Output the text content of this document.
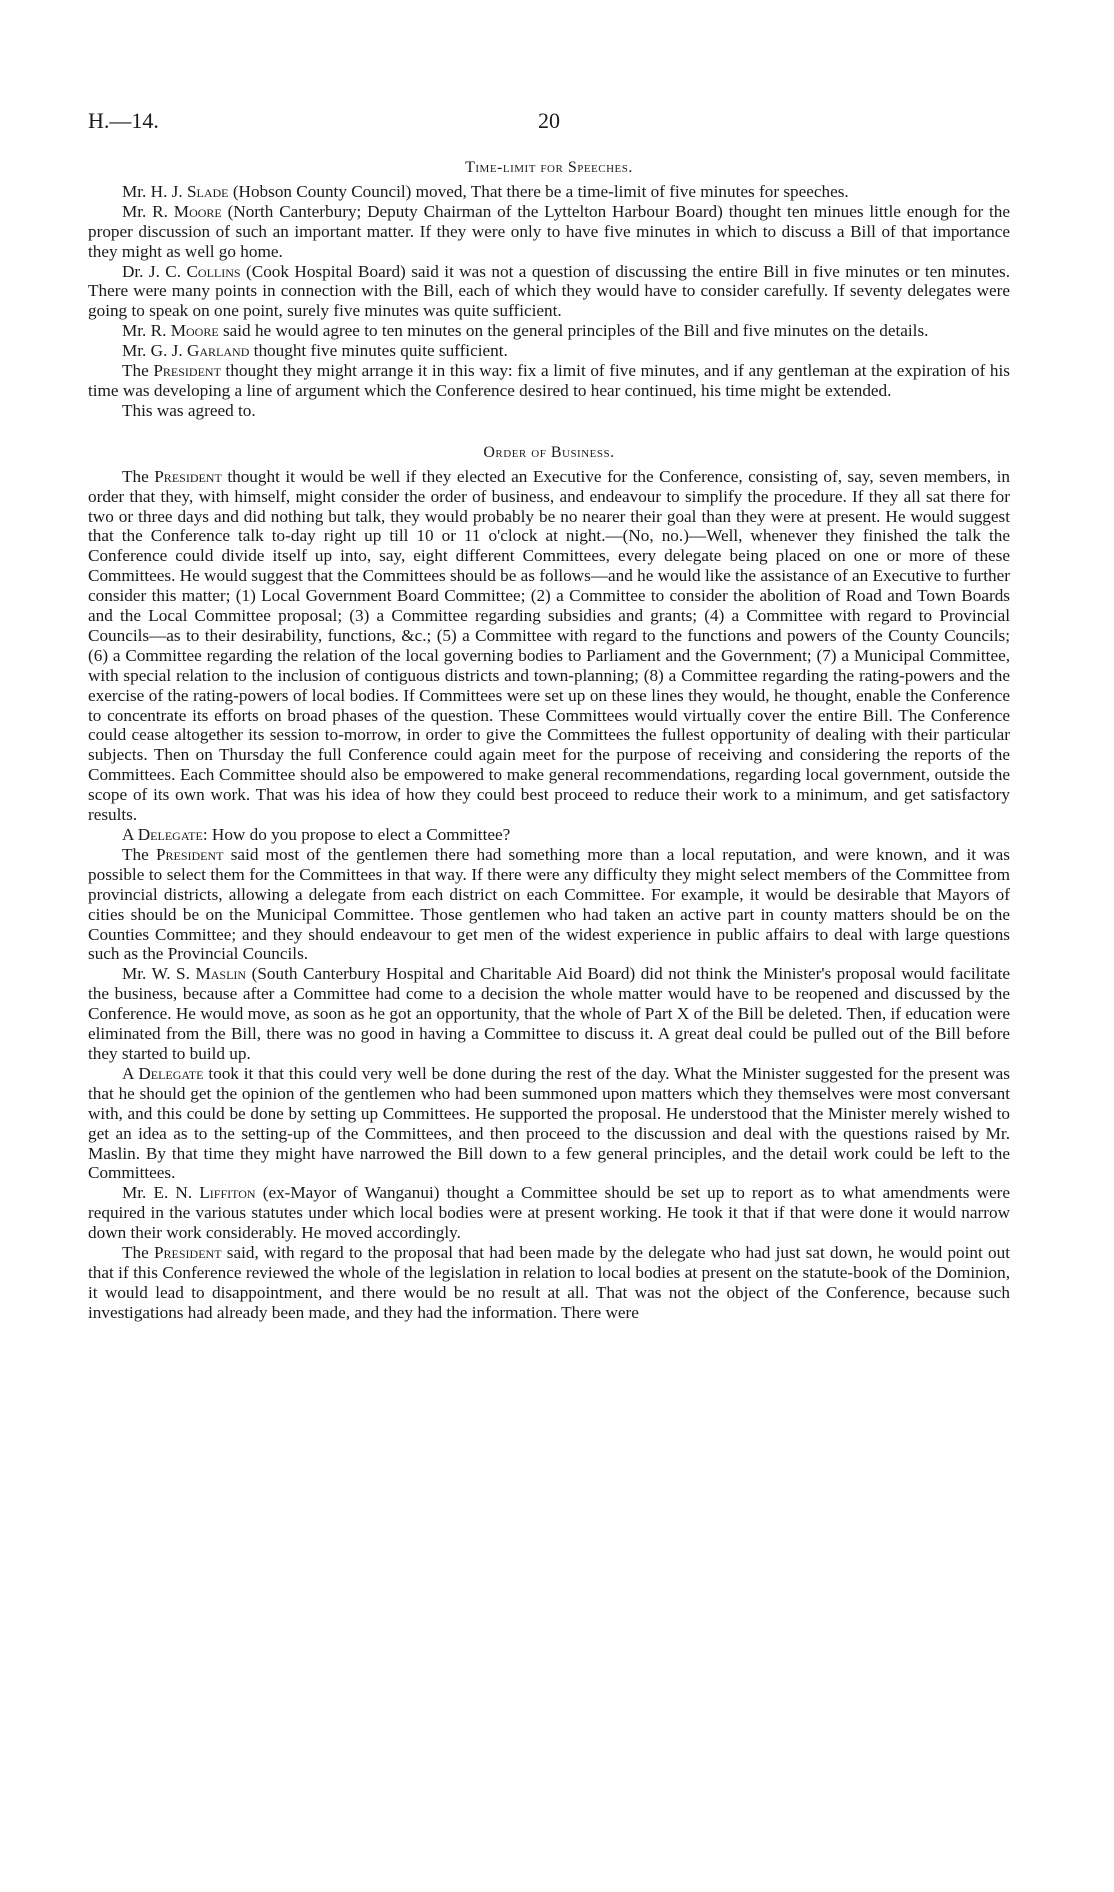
H.—14.	20
Time-limit for Speeches.

Mr. H. J. Slade (Hobson County Council) moved, That there be a time-limit of five minutes for speeches.

Mr. R. Moore (North Canterbury; Deputy Chairman of the Lyttelton Harbour Board) thought ten minues little enough for the proper discussion of such an important matter. If they were only to have five minutes in which to discuss a Bill of that importance they might as well go home.

Dr. J. C. Collins (Cook Hospital Board) said it was not a question of discussing the entire Bill in five minutes or ten minutes. There were many points in connection with the Bill, each of which they would have to consider carefully. If seventy delegates were going to speak on one point, surely five minutes was quite sufficient.

Mr. R. Moore said he would agree to ten minutes on the general principles of the Bill and five minutes on the details.

Mr. G. J. Garland thought five minutes quite sufficient.

The President thought they might arrange it in this way: fix a limit of five minutes, and if any gentleman at the expiration of his time was developing a line of argument which the Conference desired to hear continued, his time might be extended.

This was agreed to.

Order of Business.

The President thought it would be well if they elected an Executive for the Conference, consisting of, say, seven members, in order that they, with himself, might consider the order of business, and endeavour to simplify the procedure. If they all sat there for two or three days and did nothing but talk, they would probably be no nearer their goal than they were at present. He would suggest that the Conference talk to-day right up till 10 or 11 o'clock at night.—(No, no.)—Well, whenever they finished the talk the Conference could divide itself up into, say, eight different Committees, every delegate being placed on one or more of these Committees. He would suggest that the Committees should be as follows—and he would like the assistance of an Executive to further consider this matter; (1) Local Government Board Committee; (2) a Committee to consider the abolition of Road and Town Boards and the Local Committee proposal; (3) a Committee regarding subsidies and grants; (4) a Committee with regard to Provincial Councils—as to their desirability, functions, &c.; (5) a Committee with regard to the functions and powers of the County Councils; (6) a Committee regarding the relation of the local governing bodies to Parliament and the Government; (7) a Municipal Committee, with special relation to the inclusion of contiguous districts and town-planning; (8) a Committee regarding the rating-powers and the exercise of the rating-powers of local bodies. If Committees were set up on these lines they would, he thought, enable the Conference to concentrate its efforts on broad phases of the question. These Committees would virtually cover the entire Bill. The Conference could cease altogether its session to-morrow, in order to give the Committees the fullest opportunity of dealing with their particular subjects. Then on Thursday the full Conference could again meet for the purpose of receiving and considering the reports of the Committees. Each Committee should also be empowered to make general recommendations, regarding local government, outside the scope of its own work. That was his idea of how they could best proceed to reduce their work to a minimum, and get satisfactory results.

A Delegate: How do you propose to elect a Committee?

The President said most of the gentlemen there had something more than a local reputation, and were known, and it was possible to select them for the Committees in that way. If there were any difficulty they might select members of the Committee from provincial districts, allowing a delegate from each district on each Committee. For example, it would be desirable that Mayors of cities should be on the Municipal Committee. Those gentlemen who had taken an active part in county matters should be on the Counties Committee; and they should endeavour to get men of the widest experience in public affairs to deal with large questions such as the Provincial Councils.

Mr. W. S. Maslin (South Canterbury Hospital and Charitable Aid Board) did not think the Minister's proposal would facilitate the business, because after a Committee had come to a decision the whole matter would have to be reopened and discussed by the Conference. He would move, as soon as he got an opportunity, that the whole of Part X of the Bill be deleted. Then, if education were eliminated from the Bill, there was no good in having a Committee to discuss it. A great deal could be pulled out of the Bill before they started to build up.

A Delegate took it that this could very well be done during the rest of the day. What the Minister suggested for the present was that he should get the opinion of the gentlemen who had been summoned upon matters which they themselves were most conversant with, and this could be done by setting up Committees. He supported the proposal. He understood that the Minister merely wished to get an idea as to the setting-up of the Committees, and then proceed to the discussion and deal with the questions raised by Mr. Maslin. By that time they might have narrowed the Bill down to a few general principles, and the detail work could be left to the Committees.

Mr. E. N. Liffiton (ex-Mayor of Wanganui) thought a Committee should be set up to report as to what amendments were required in the various statutes under which local bodies were at present working. He took it that if that were done it would narrow down their work considerably. He moved accordingly.

The President said, with regard to the proposal that had been made by the delegate who had just sat down, he would point out that if this Conference reviewed the whole of the legislation in relation to local bodies at present on the statute-book of the Dominion, it would lead to disappointment, and there would be no result at all. That was not the object of the Conference, because such investigations had already been made, and they had the information. There were
